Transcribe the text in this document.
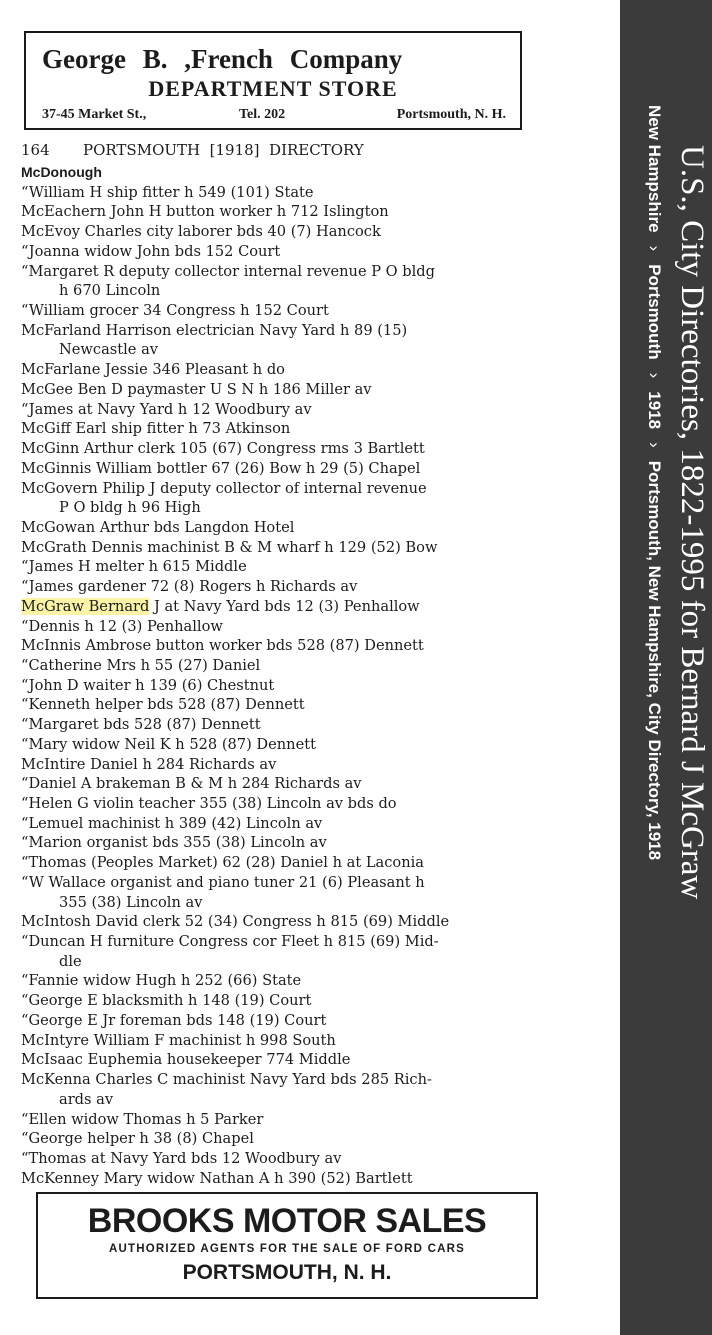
George B. ,French Company
DEPARTMENT STORE
37-45 Market St.,	Tel. 202	Portsmouth, N. H.
164       PORTSMOUTH  [1918]  DIRECTORY
McDonough
“William H ship fitter h 549 (101) State
McEachern John H button worker h 712 Islington
McEvoy Charles city laborer bds 40 (7) Hancock
“Joanna widow John bds 152 Court
“Margaret R deputy collector internal revenue P O bldg
h 670 Lincoln
“William grocer 34 Congress h 152 Court
McFarland Harrison electrician Navy Yard h 89 (15)
Newcastle av
McFarlane Jessie 346 Pleasant h do
McGee Ben D paymaster U S N h 186 Miller av
“James at Navy Yard h 12 Woodbury av
McGiff Earl ship fitter h 73 Atkinson
McGinn Arthur clerk 105 (67) Congress rms 3 Bartlett
McGinnis William bottler 67 (26) Bow h 29 (5) Chapel
McGovern Philip J deputy collector of internal revenue
P O bldg h 96 High
McGowan Arthur bds Langdon Hotel
McGrath Dennis machinist B & M wharf h 129 (52) Bow
“James H melter h 615 Middle
“James gardener 72 (8) Rogers h Richards av
McGraw Bernard J at Navy Yard bds 12 (3) Penhallow
“Dennis h 12 (3) Penhallow
McInnis Ambrose button worker bds 528 (87) Dennett
“Catherine Mrs h 55 (27) Daniel
“John D waiter h 139 (6) Chestnut
“Kenneth helper bds 528 (87) Dennett
“Margaret bds 528 (87) Dennett
“Mary widow Neil K h 528 (87) Dennett
McIntire Daniel h 284 Richards av
“Daniel A brakeman B & M h 284 Richards av
“Helen G violin teacher 355 (38) Lincoln av bds do
“Lemuel machinist h 389 (42) Lincoln av
“Marion organist bds 355 (38) Lincoln av
“Thomas (Peoples Market) 62 (28) Daniel h at Laconia
“W Wallace organist and piano tuner 21 (6) Pleasant h
355 (38) Lincoln av
McIntosh David clerk 52 (34) Congress h 815 (69) Middle
“Duncan H furniture Congress cor Fleet h 815 (69) Mid-
dle
“Fannie widow Hugh h 252 (66) State
“George E blacksmith h 148 (19) Court
“George E Jr foreman bds 148 (19) Court
McIntyre William F machinist h 998 South
McIsaac Euphemia housekeeper 774 Middle
McKenna Charles C machinist Navy Yard bds 285 Rich-
ards av
“Ellen widow Thomas h 5 Parker
“George helper h 38 (8) Chapel
“Thomas at Navy Yard bds 12 Woodbury av
McKenney Mary widow Nathan A h 390 (52) Bartlett
BROOKS MOTOR SALES
AUTHORIZED AGENTS FOR THE SALE OF FORD CARS
PORTSMOUTH, N. H.
U.S., City Directories, 1822-1995 for Bernard J McGraw
New Hampshire›Portsmouth›1918›Portsmouth, New Hampshire, City Directory, 1918
